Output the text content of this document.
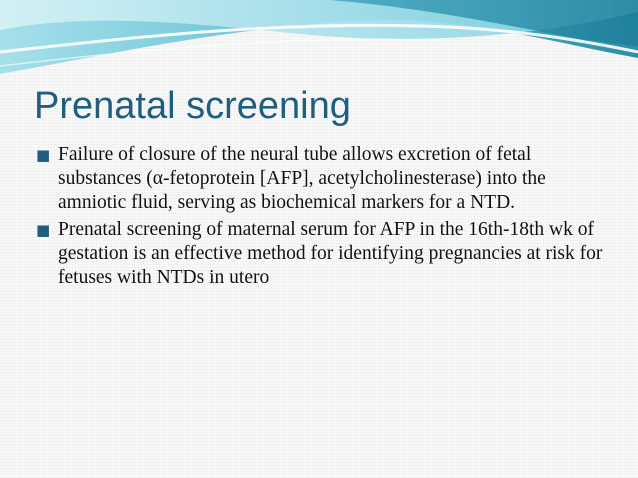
Prenatal screening
■
Failure of closure of the neural tube allows excretion of fetal substances (α-fetoprotein [AFP], acetylcholinesterase) into the amniotic fluid, serving as biochemical markers for a NTD.
■
Prenatal screening of maternal serum for AFP in the 16th-18th wk of gestation is an effective method for identifying pregnancies at risk for fetuses with NTDs in utero
